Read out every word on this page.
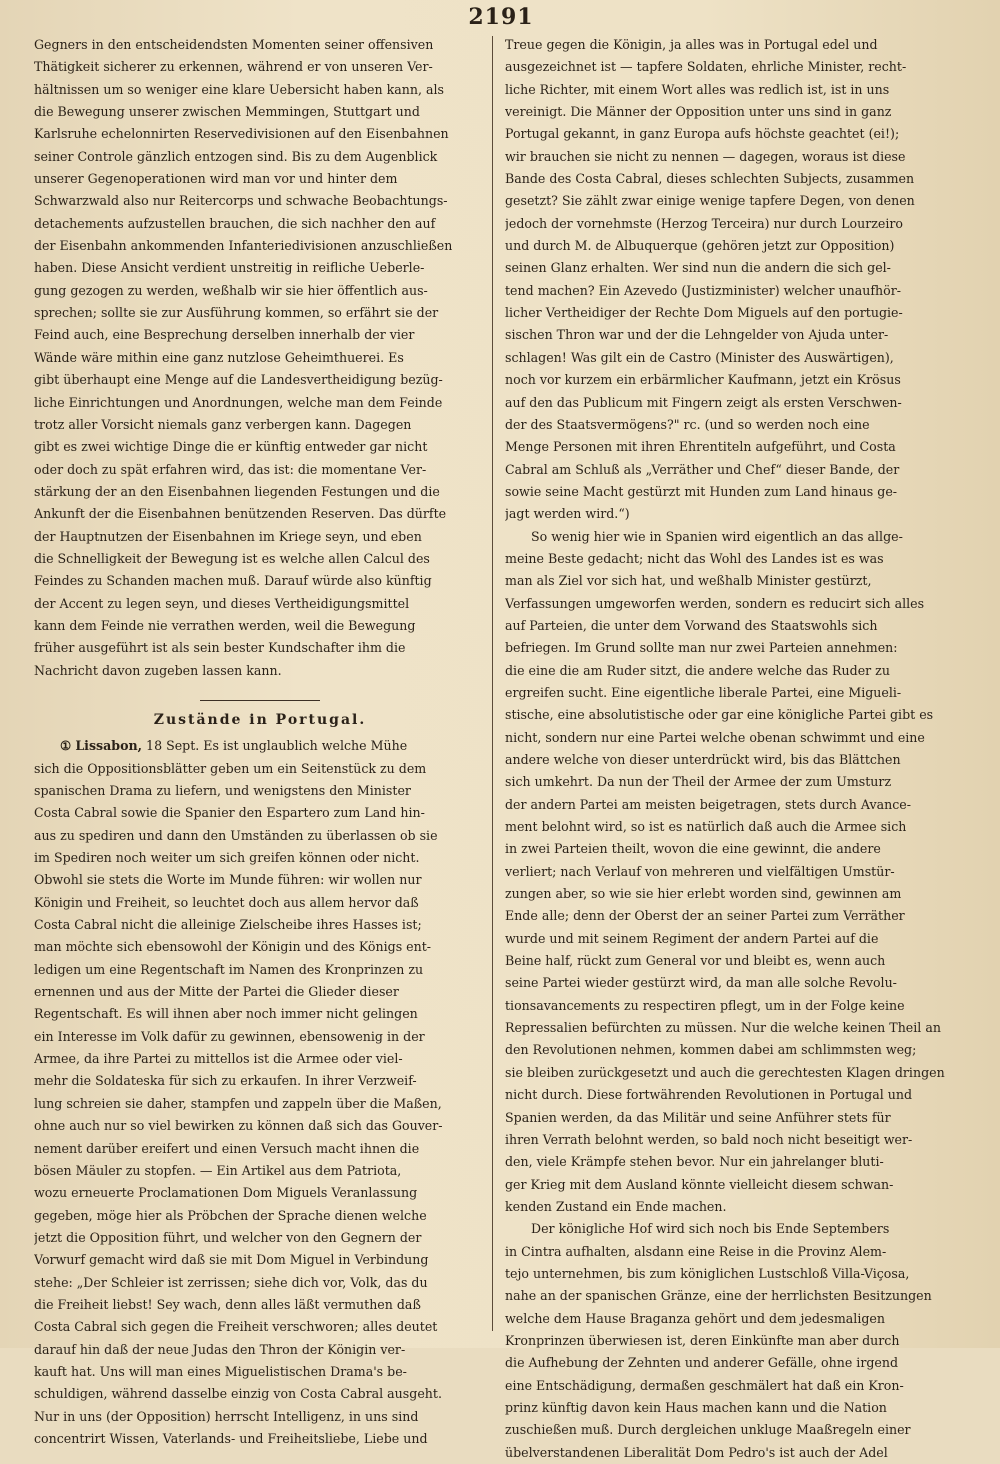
2191
Gegners in den entscheidendsten Momenten seiner offensiven
Thätigkeit sicherer zu erkennen, während er von unseren Ver-
hältnissen um so weniger eine klare Uebersicht haben kann, als
die Bewegung unserer zwischen Memmingen, Stuttgart und
Karlsruhe echelonnirten Reservedivisionen auf den Eisenbahnen
seiner Controle gänzlich entzogen sind. Bis zu dem Augenblick
unserer Gegenoperationen wird man vor und hinter dem
Schwarzwald also nur Reitercorps und schwache Beobachtungs-
detachements aufzustellen brauchen, die sich nachher den auf
der Eisenbahn ankommenden Infanteriedivisionen anzuschließen
haben. Diese Ansicht verdient unstreitig in reifliche Ueberle-
gung gezogen zu werden, weßhalb wir sie hier öffentlich aus-
sprechen; sollte sie zur Ausführung kommen, so erfährt sie der
Feind auch, eine Besprechung derselben innerhalb der vier
Wände wäre mithin eine ganz nutzlose Geheimthuerei. Es
gibt überhaupt eine Menge auf die Landesvertheidigung bezüg-
liche Einrichtungen und Anordnungen, welche man dem Feinde
trotz aller Vorsicht niemals ganz verbergen kann. Dagegen
gibt es zwei wichtige Dinge die er künftig entweder gar nicht
oder doch zu spät erfahren wird, das ist: die momentane Ver-
stärkung der an den Eisenbahnen liegenden Festungen und die
Ankunft der die Eisenbahnen benützenden Reserven. Das dürfte
der Hauptnutzen der Eisenbahnen im Kriege seyn, und eben
die Schnelligkeit der Bewegung ist es welche allen Calcul des
Feindes zu Schanden machen muß. Darauf würde also künftig
der Accent zu legen seyn, und dieses Vertheidigungsmittel
kann dem Feinde nie verrathen werden, weil die Bewegung
früher ausgeführt ist als sein bester Kundschafter ihm die
Nachricht davon zugeben lassen kann.
Zustände in Portugal.
① Lissabon, 18 Sept. Es ist unglaublich welche Mühe
sich die Oppositionsblätter geben um ein Seitenstück zu dem
spanischen Drama zu liefern, und wenigstens den Minister
Costa Cabral sowie die Spanier den Espartero zum Land hin-
aus zu spediren und dann den Umständen zu überlassen ob sie
im Spediren noch weiter um sich greifen können oder nicht.
Obwohl sie stets die Worte im Munde führen: wir wollen nur
Königin und Freiheit, so leuchtet doch aus allem hervor daß
Costa Cabral nicht die alleinige Zielscheibe ihres Hasses ist;
man möchte sich ebensowohl der Königin und des Königs ent-
ledigen um eine Regentschaft im Namen des Kronprinzen zu
ernennen und aus der Mitte der Partei die Glieder dieser
Regentschaft. Es will ihnen aber noch immer nicht gelingen
ein Interesse im Volk dafür zu gewinnen, ebensowenig in der
Armee, da ihre Partei zu mittellos ist die Armee oder viel-
mehr die Soldateska für sich zu erkaufen. In ihrer Verzweif-
lung schreien sie daher, stampfen und zappeln über die Maßen,
ohne auch nur so viel bewirken zu können daß sich das Gouver-
nement darüber ereifert und einen Versuch macht ihnen die
bösen Mäuler zu stopfen. — Ein Artikel aus dem Patriota,
wozu erneuerte Proclamationen Dom Miguels Veranlassung
gegeben, möge hier als Pröbchen der Sprache dienen welche
jetzt die Opposition führt, und welcher von den Gegnern der
Vorwurf gemacht wird daß sie mit Dom Miguel in Verbindung
stehe: „Der Schleier ist zerrissen; siehe dich vor, Volk, das du
die Freiheit liebst! Sey wach, denn alles läßt vermuthen daß
Costa Cabral sich gegen die Freiheit verschworen; alles deutet
darauf hin daß der neue Judas den Thron der Königin ver-
kauft hat. Uns will man eines Miguelistischen Drama's be-
schuldigen, während dasselbe einzig von Costa Cabral ausgeht.
Nur in uns (der Opposition) herrscht Intelligenz, in uns sind
concentrirt Wissen, Vaterlands- und Freiheitsliebe, Liebe und
Treue gegen die Königin, ja alles was in Portugal edel und
ausgezeichnet ist — tapfere Soldaten, ehrliche Minister, recht-
liche Richter, mit einem Wort alles was redlich ist, ist in uns
vereinigt. Die Männer der Opposition unter uns sind in ganz
Portugal gekannt, in ganz Europa aufs höchste geachtet (ei!);
wir brauchen sie nicht zu nennen — dagegen, woraus ist diese
Bande des Costa Cabral, dieses schlechten Subjects, zusammen
gesetzt? Sie zählt zwar einige wenige tapfere Degen, von denen
jedoch der vornehmste (Herzog Terceira) nur durch Lourzeiro
und durch M. de Albuquerque (gehören jetzt zur Opposition)
seinen Glanz erhalten. Wer sind nun die andern die sich gel-
tend machen? Ein Azevedo (Justizminister) welcher unaufhör-
licher Vertheidiger der Rechte Dom Miguels auf den portugie-
sischen Thron war und der die Lehngelder von Ajuda unter-
schlagen! Was gilt ein de Castro (Minister des Auswärtigen),
noch vor kurzem ein erbärmlicher Kaufmann, jetzt ein Krösus
auf den das Publicum mit Fingern zeigt als ersten Verschwen-
der des Staatsvermögens?" rc. (und so werden noch eine
Menge Personen mit ihren Ehrentiteln aufgeführt, und Costa
Cabral am Schluß als „Verräther und Chef“ dieser Bande, der
sowie seine Macht gestürzt mit Hunden zum Land hinaus ge-
jagt werden wird.“)
So wenig hier wie in Spanien wird eigentlich an das allge-
meine Beste gedacht; nicht das Wohl des Landes ist es was
man als Ziel vor sich hat, und weßhalb Minister gestürzt,
Verfassungen umgeworfen werden, sondern es reducirt sich alles
auf Parteien, die unter dem Vorwand des Staatswohls sich
befriegen. Im Grund sollte man nur zwei Parteien annehmen:
die eine die am Ruder sitzt, die andere welche das Ruder zu
ergreifen sucht. Eine eigentliche liberale Partei, eine Migueli-
stische, eine absolutistische oder gar eine königliche Partei gibt es
nicht, sondern nur eine Partei welche obenan schwimmt und eine
andere welche von dieser unterdrückt wird, bis das Blättchen
sich umkehrt. Da nun der Theil der Armee der zum Umsturz
der andern Partei am meisten beigetragen, stets durch Avance-
ment belohnt wird, so ist es natürlich daß auch die Armee sich
in zwei Parteien theilt, wovon die eine gewinnt, die andere
verliert; nach Verlauf von mehreren und vielfältigen Umstür-
zungen aber, so wie sie hier erlebt worden sind, gewinnen am
Ende alle; denn der Oberst der an seiner Partei zum Verräther
wurde und mit seinem Regiment der andern Partei auf die
Beine half, rückt zum General vor und bleibt es, wenn auch
seine Partei wieder gestürzt wird, da man alle solche Revolu-
tionsavancements zu respectiren pflegt, um in der Folge keine
Repressalien befürchten zu müssen. Nur die welche keinen Theil an
den Revolutionen nehmen, kommen dabei am schlimmsten weg;
sie bleiben zurückgesetzt und auch die gerechtesten Klagen dringen
nicht durch. Diese fortwährenden Revolutionen in Portugal und
Spanien werden, da das Militär und seine Anführer stets für
ihren Verrath belohnt werden, so bald noch nicht beseitigt wer-
den, viele Krämpfe stehen bevor. Nur ein jahrelanger bluti-
ger Krieg mit dem Ausland könnte vielleicht diesem schwan-
kenden Zustand ein Ende machen.
Der königliche Hof wird sich noch bis Ende Septembers
in Cintra aufhalten, alsdann eine Reise in die Provinz Alem-
tejo unternehmen, bis zum königlichen Lustschloß Villa-Viçosa,
nahe an der spanischen Gränze, eine der herrlichsten Besitzungen
welche dem Hause Braganza gehört und dem jedesmaligen
Kronprinzen überwiesen ist, deren Einkünfte man aber durch
die Aufhebung der Zehnten und anderer Gefälle, ohne irgend
eine Entschädigung, dermaßen geschmälert hat daß ein Kron-
prinz künftig davon kein Haus machen kann und die Nation
zuschießen muß. Durch dergleichen unkluge Maaßregeln einer
übelverstandenen Liberalität Dom Pedro's ist auch der Adel
